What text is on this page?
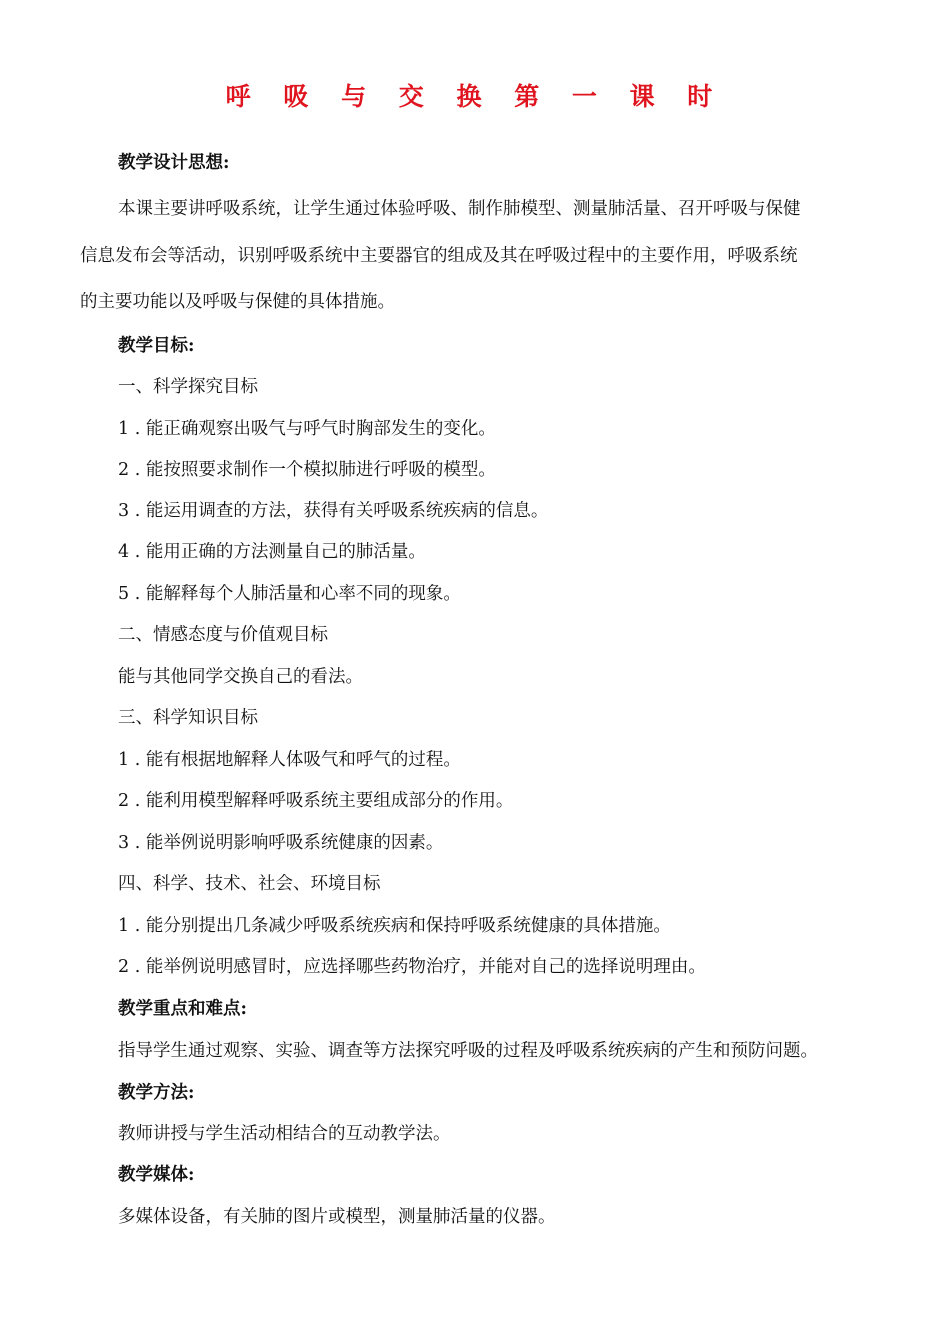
呼 吸 与 交 换 第 一 课 时
教学设计思想:
本课主要讲呼吸系统，让学生通过体验呼吸、制作肺模型、测量肺活量、召开呼吸与保健
信息发布会等活动，识别呼吸系统中主要器官的组成及其在呼吸过程中的主要作用，呼吸系统
的主要功能以及呼吸与保健的具体措施。
教学目标:
一、科学探究目标
1 . 能正确观察出吸气与呼气时胸部发生的变化。
2 . 能按照要求制作一个模拟肺进行呼吸的模型。
3 . 能运用调查的方法，获得有关呼吸系统疾病的信息。
4 . 能用正确的方法测量自己的肺活量。
5 . 能解释每个人肺活量和心率不同的现象。
二、情感态度与价值观目标
能与其他同学交换自己的看法。
三、科学知识目标
1 . 能有根据地解释人体吸气和呼气的过程。
2 . 能利用模型解释呼吸系统主要组成部分的作用。
3 . 能举例说明影响呼吸系统健康的因素。
四、科学、技术、社会、环境目标
1 . 能分别提出几条减少呼吸系统疾病和保持呼吸系统健康的具体措施。
2 . 能举例说明感冒时，应选择哪些药物治疗，并能对自己的选择说明理由。
教学重点和难点:
指导学生通过观察、实验、调查等方法探究呼吸的过程及呼吸系统疾病的产生和预防问题。
教学方法:
教师讲授与学生活动相结合的互动教学法。
教学媒体:
多媒体设备，有关肺的图片或模型，测量肺活量的仪器。
